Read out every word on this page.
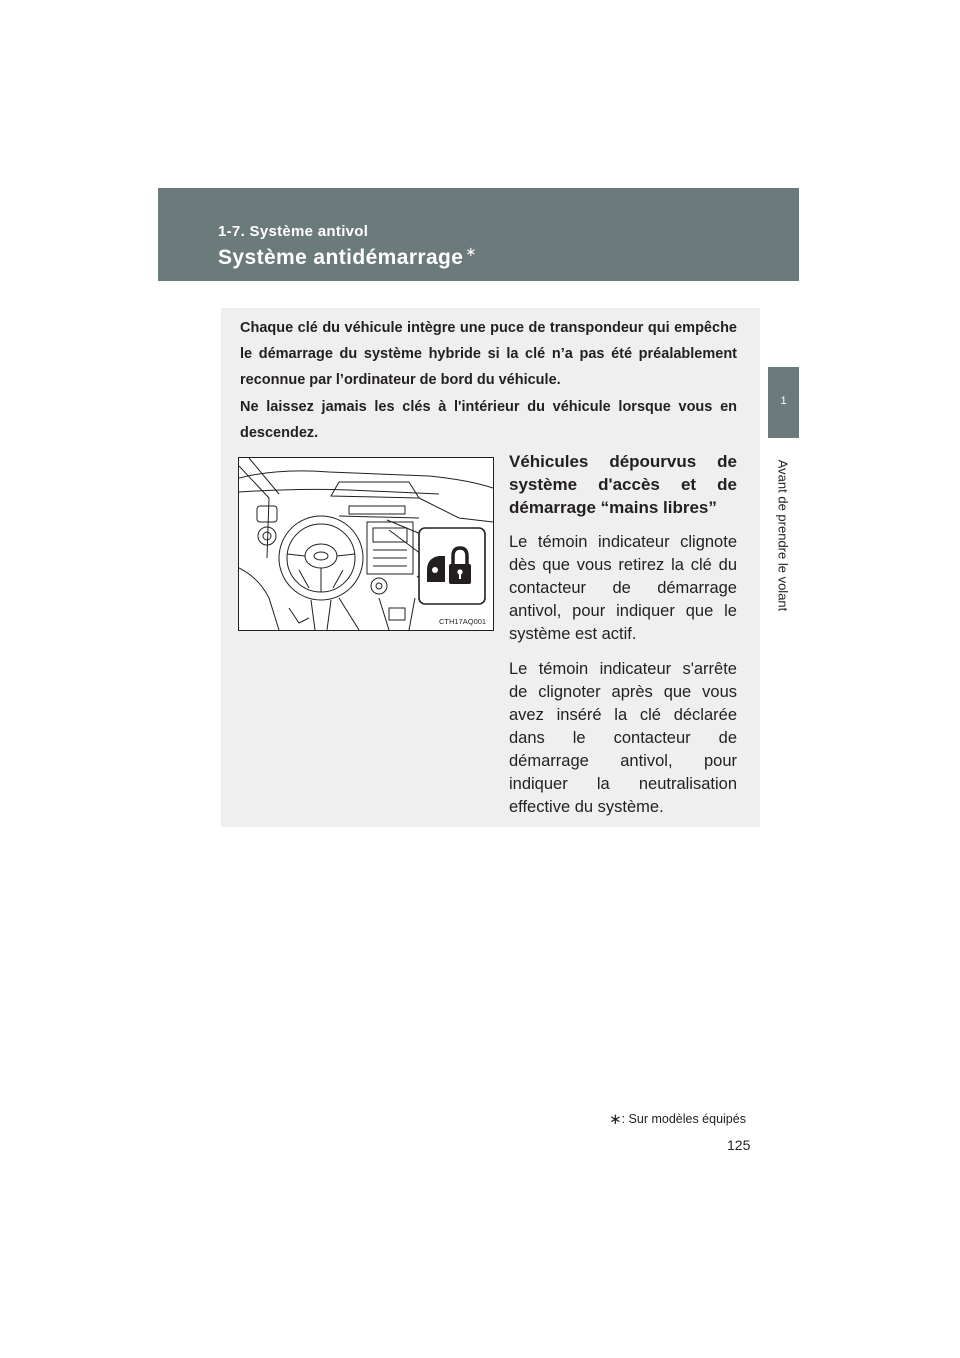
1-7. Système antivol
Système antidémarrage ∗
1
Avant de prendre le volant
Chaque clé du véhicule intègre une puce de transpondeur qui empêche le démarrage du système hybride si la clé n’a pas été préalablement reconnue par l’ordinateur de bord du véhicule.
Ne laissez jamais les clés à l'intérieur du véhicule lorsque vous en descendez.
CTH17AQ001
Véhicules dépourvus de système d'accès et de démarrage “mains libres”
Le témoin indicateur clignote dès que vous retirez la clé du contacteur de démarrage antivol, pour indiquer que le système est actif.
Le témoin indicateur s'arrête de clignoter après que vous avez inséré la clé déclarée dans le contacteur de démarrage antivol, pour indiquer la neutralisation effective du système.
∗: Sur modèles équipés
125
